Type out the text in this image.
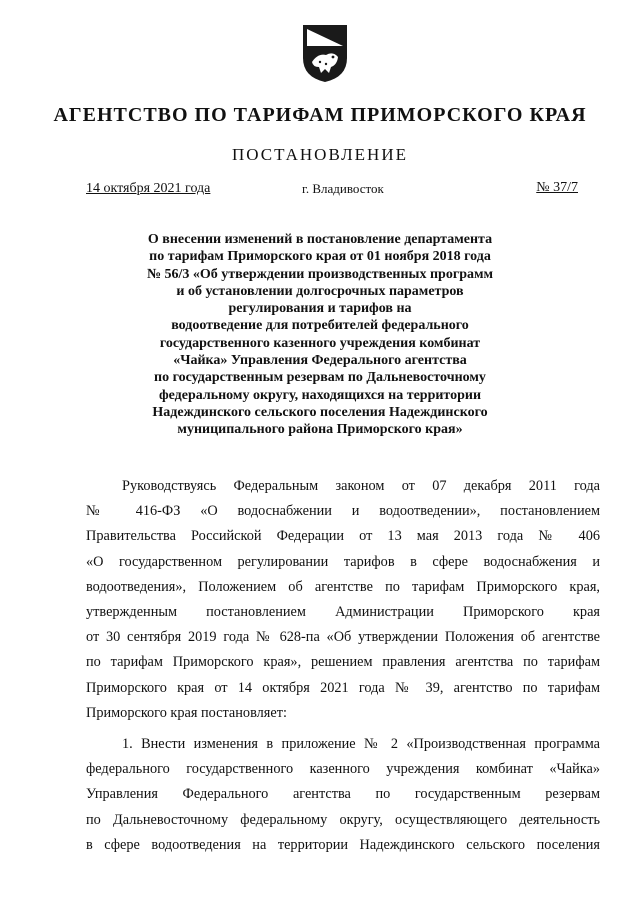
АГЕНТСТВО ПО ТАРИФАМ ПРИМОРСКОГО КРАЯ
ПОСТАНОВЛЕНИЕ
14 октября 2021 года	г. Владивосток	№ 37/7
О внесении изменений в постановление департамента
по тарифам Приморского края от 01 ноября 2018 года
№ 56/3 «Об утверждении производственных программ
и об установлении долгосрочных параметров
регулирования и тарифов на
водоотведение для потребителей федерального
государственного казенного учреждения комбинат
«Чайка» Управления Федерального агентства
по государственным резервам по Дальневосточному
федеральному округу, находящихся на территории
Надеждинского сельского поселения Надеждинского
муниципального района Приморского края»
Руководствуясь Федеральным законом от 07 декабря 2011 года
№ 416-ФЗ «О водоснабжении и водоотведении», постановлением
Правительства Российской Федерации от 13 мая 2013 года № 406
«О государственном регулировании тарифов в сфере водоснабжения и
водоотведения», Положением об агентстве по тарифам Приморского края,
утвержденным постановлением Администрации Приморского края
от 30 сентября 2019 года № 628-па «Об утверждении Положения об агентстве
по тарифам Приморского края», решением правления агентства по тарифам
Приморского края от 14 октября 2021 года № 39, агентство по тарифам
Приморского края постановляет:
1. Внести изменения в приложение № 2 «Производственная программа
федерального государственного казенного учреждения комбинат «Чайка»
Управления Федерального агентства по государственным резервам
по Дальневосточному федеральному округу, осуществляющего деятельность
в сфере водоотведения на территории Надеждинского сельского поселения
